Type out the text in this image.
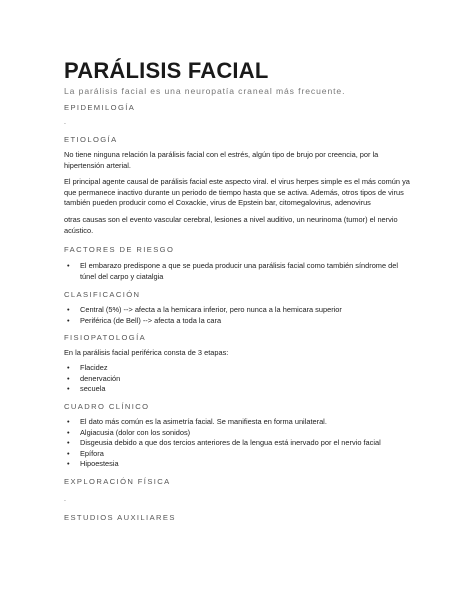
PARÁLISIS FACIAL
La parálisis facial es una neuropatía craneal más frecuente.
EPIDEMILOGÍA
.
ETIOLOGÍA
No tiene ninguna relación la parálisis facial con el estrés, algún tipo de brujo por creencia, por la hipertensión arterial.
El principal agente causal de parálisis facial este aspecto viral. el virus herpes simple es el más común ya que permanece inactivo durante un periodo de tiempo hasta que se activa. Además, otros tipos de virus también pueden producir como el Coxackie, virus de Epstein bar, citomegalovirus, adenovirus
otras causas son el evento vascular cerebral, lesiones a nivel auditivo, un neurinoma (tumor) el nervio acústico.
FACTORES DE RIESGO
• El embarazo predispone a que se pueda producir una parálisis facial como también síndrome del túnel del carpo y ciatalgia
CLASIFICACIÓN
• Central (5%) --> afecta a la hemicara inferior, pero nunca a la hemicara superior
• Periférica (de Bell) --> afecta a toda la cara
FISIOPATOLOGÍA
En la parálisis facial periférica consta de 3 etapas:
• Flacidez
• denervación
• secuela
CUADRO CLÍNICO
• El dato más común es la asimetría facial. Se manifiesta en forma unilateral.
• Algiacusia (dolor con los sonidos)
• Disgeusia debido a que dos tercios anteriores de la lengua está inervado por el nervio facial
• Epífora
• Hipoestesia
EXPLORACIÓN FÍSICA
.
ESTUDIOS AUXILIARES
